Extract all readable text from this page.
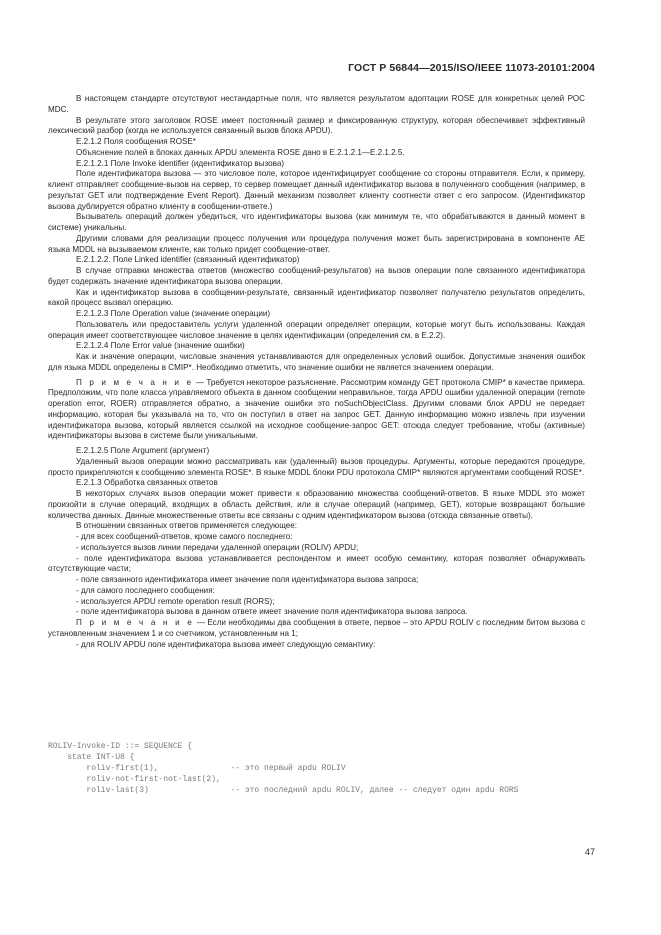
ГОСТ Р 56844—2015/ISO/IEEE 11073-20101:2004

В настоящем стандарте отсутствуют нестандартные поля, что является результатом адоптации ROSE для конкретных целей РОС MDC.

В результате этого заголовок ROSE имеет постоянный размер и фиксированную структуру, которая обеспечивает эффективный лексический разбор (когда не используется связанный вызов блока APDU).

E.2.1.2 Поля сообщения ROSE*

Объяснение полей в блоках данных APDU элемента ROSE дано в E.2.1.2.1—E.2.1.2.5.

E.2.1.2.1 Поле Invoke identifier (идентификатор вызова)

Поле идентификатора вызова — это числовое поле, которое идентифицирует сообщение со стороны отправителя. Если, к примеру, клиент отправляет сообщение-вызов на сервер, то сервер помещает данный идентификатор вызова в полученного сообщения (например, в результат GET или подтверждение Event Report). Данный механизм позволяет клиенту соотнести ответ с его запросом. (Идентификатор вызова дублируется обратно клиенту в сообщении-ответе.)

Вызыватель операций должен убедиться, что идентификаторы вызова (как минимум те, что обрабатываются в данный момент в системе) уникальны.

Другими словами для реализации процесс получения или процедура получения может быть зарегистрирована в компоненте АЕ языка MDDL на вызываемом клиенте, как только придет сообщение-ответ.

E.2.1.2.2. Поле Linked identifier (связанный идентификатор)

В случае отправки множества ответов (множество сообщений-результатов) на вызов операции поле связанного идентификатора будет содержать значение идентификатора вызова операции.

Как и идентификатор вызова в сообщении-результате, связанный идентификатор позволяет получателю результатов определить, какой процесс вызвал операцию.

E.2.1.2.3 Поле Operation value (значение операции)

Пользователь или предоставитель услуги удаленной операции определяет операции, которые могут быть использованы. Каждая операция имеет соответствующее числовое значение в целях идентификации (определения см. в E.2.2).

E.2.1.2.4 Поле Error value (значение ошибки)

Как и значение операции, числовые значения устанавливаются для определенных условий ошибок. Допустимые значения ошибок для языка MDDL определены в CMIP*. Необходимо отметить, что значение ошибки не является значением операции.

П р и м е ч а н и е — Требуется некоторое разъяснение. Рассмотрим команду GET протокола CMIP* в качестве примера. Предположим, что поле класса управляемого объекта в данном сообщении неправильное, тогда APDU ошибки удаленной операции (remote operation error, ROER) отправляется обратно, а значение ошибки это noSuchObjectClass. Другими словами блок APDU не передает информацию, которая бы указывала на то, что он поступил в ответ на запрос GET. Данную информацию можно извлечь при изучении идентификатора вызова, который является ссылкой на исходное сообщение-запрос GET: отсюда следует требование, чтобы (активные) идентификаторы вызова в системе были уникальными.

E.2.1.2.5 Поле Argument (аргумент)

Удаленный вызов операции можно рассматривать как (удаленный) вызов процедуры. Аргументы, которые передаются процедуре, просто прикрепляются к сообщению элемента ROSE*. В языке MDDL блоки PDU протокола CMIP* являются аргументами сообщений ROSE*.

E.2.1.3 Обработка связанных ответов

В некоторых случаях вызов операции может привести к образованию множества сообщений-ответов. В языке MDDL это может произойти в случае операций, входящих в область действия, или в случае операций (например, GET), которые возвращают большие количества данных. Данные множественные ответы все связаны с одним идентификатором вызова (отсюда связанные ответы).

В отношении связанных ответов применяется следующее:

- для всех сообщений-ответов, кроме самого последнего:

- используется вызов линии передачи удаленной операции (ROLIV) APDU;

- поле идентификатора вызова устанавливается респондентом и имеет особую семантику, которая позволяет обнаруживать отсутствующие части;

- поле связанного идентификатора имеет значение поля идентификатора вызова запроса;

- для самого последнего сообщения:

- используется APDU remote operation result (RORS);

- поле идентификатора вызова в данном ответе имеет значение поля идентификатора вызова запроса.

П р и м е ч а н и е — Если необходимы два сообщения в ответе, первое – это APDU ROLIV с последним битом вызова с установленным значением 1 и со счетчиком, установленным на 1;

- для ROLIV APDU поле идентификатора вызова имеет следующую семантику:

ROLIV-Invoke-ID ::= SEQUENCE {
state INT-U8 {
roliv-first(1),               -- это первый apdu ROLIV
roliv-not-first-not-last(2),
roliv-last(3)                 -- это последний apdu ROLIV, далее -- следует один apdu RORS
47
